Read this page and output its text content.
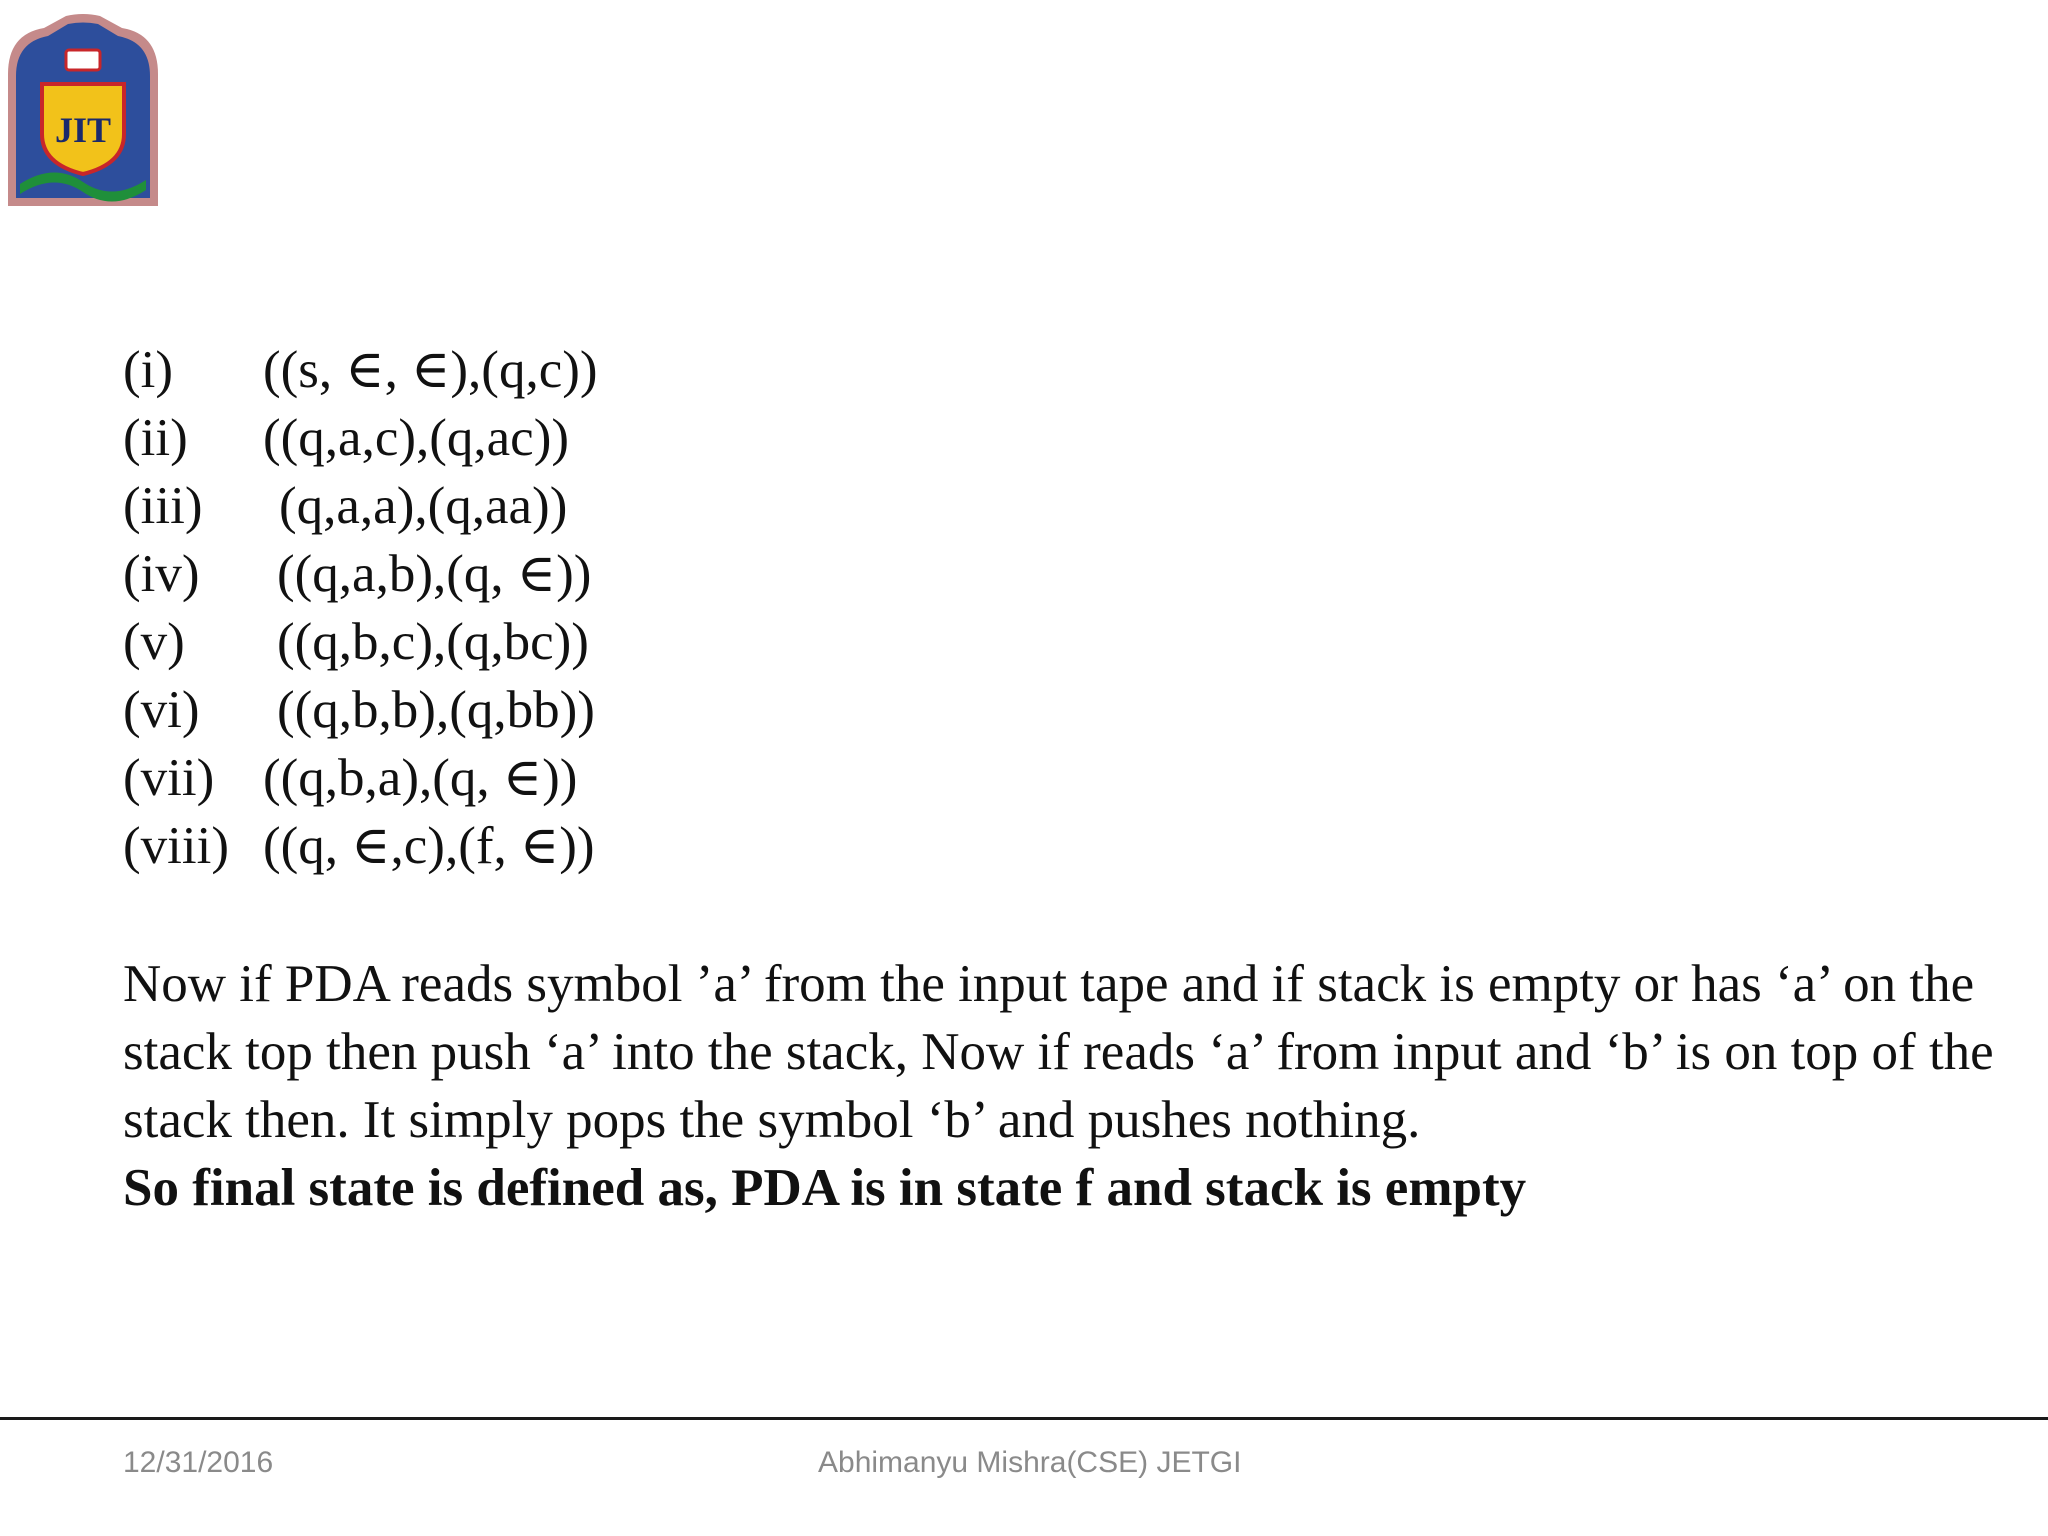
JIT
(i)	((s, ∈, ∈),(q,c))
(ii)	((q,a,c),(q,ac))
(iii)	(q,a,a),(q,aa))
(iv)	((q,a,b),(q, ∈))
(v)	((q,b,c),(q,bc))
(vi)	((q,b,b),(q,bb))
(vii) ((q,b,a),(q, ∈))
(viii) ((q, ∈,c),(f, ∈))

Now if PDA reads symbol ’a’ from the input tape and if stack is empty or has ‘a’ on the stack top then push ‘a’ into the stack, Now if reads ‘a’ from input and ‘b’ is on top of the stack then. It simply pops the symbol ‘b’ and pushes nothing.

So final state is defined as, PDA is in state f and stack is empty

12/31/2016	Abhimanyu Mishra(CSE) JETGI
